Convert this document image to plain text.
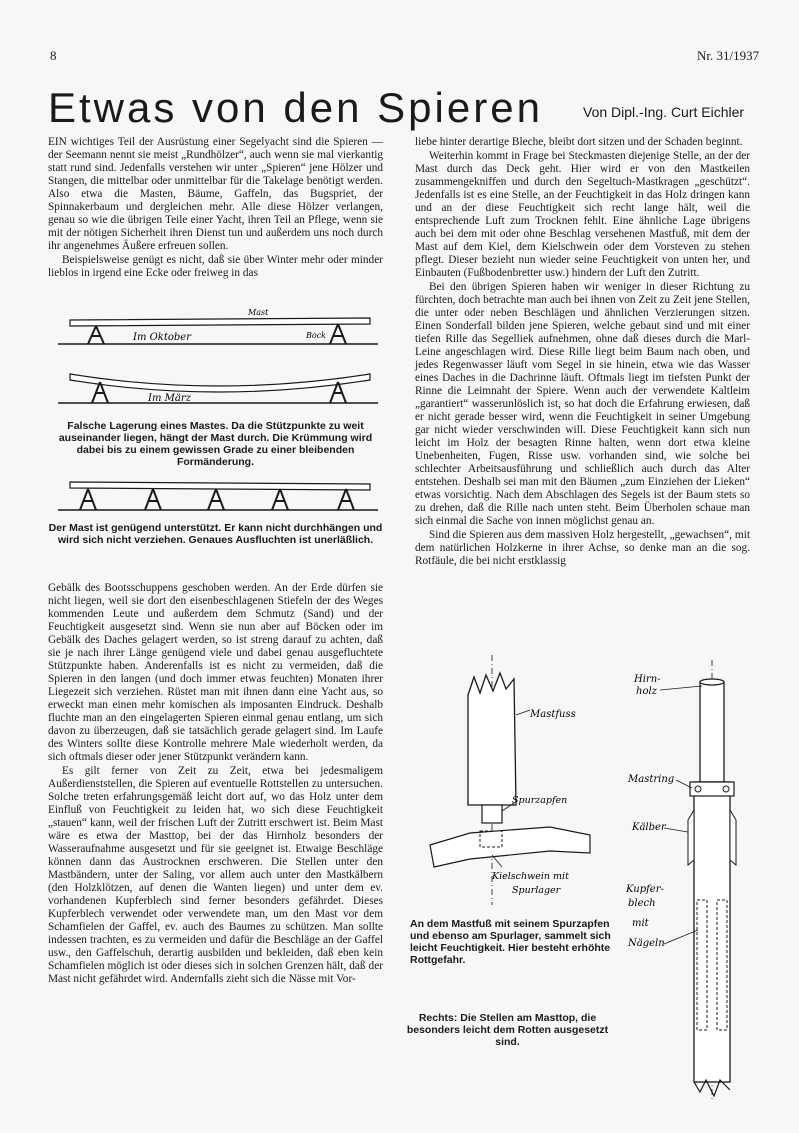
8	Nr. 31/1937
Etwas von den Spieren	Von Dipl.-Ing. Curt Eichler

EIN wichtiges Teil der Ausrüstung einer Segelyacht sind die Spieren — der Seemann nennt sie meist „Rundhölzer“, auch wenn sie mal vierkantig statt rund sind. Jedenfalls verstehen wir unter „Spieren“ jene Hölzer und Stangen, die mittelbar oder unmittelbar für die Takelage benötigt werden. Also etwa die Masten, Bäume, Gaffeln, das Bugspriet, der Spinnakerbaum und dergleichen mehr. Alle diese Hölzer verlangen, genau so wie die übrigen Teile einer Yacht, ihren Teil an Pflege, wenn sie mit der nötigen Sicherheit ihren Dienst tun und außerdem uns noch durch ihr angenehmes Äußere erfreuen sollen.

Beispielsweise genügt es nicht, daß sie über Winter mehr oder minder lieblos in irgend eine Ecke oder freiweg in das

Im Oktober
Mast
Bock
Im März
Falsche Lagerung eines Mastes. Da die Stützpunkte zu weit auseinander liegen, hängt der Mast durch. Die Krümmung wird dabei bis zu einem gewissen Grade zu einer bleibenden Formänderung.
Der Mast ist genügend unterstützt. Er kann nicht durchhängen und wird sich nicht verziehen. Genaues Ausfluchten ist unerläßlich.

Gebälk des Bootsschuppens geschoben werden. An der Erde dürfen sie nicht liegen, weil sie dort den eisenbeschlagenen Stiefeln der des Weges kommenden Leute und außerdem dem Schmutz (Sand) und der Feuchtigkeit ausgesetzt sind. Wenn sie nun aber auf Böcken oder im Gebälk des Daches gelagert werden, so ist streng darauf zu achten, daß sie je nach ihrer Länge genügend viele und dabei genau ausgefluchtete Stützpunkte haben. Anderenfalls ist es nicht zu vermeiden, daß die Spieren in den langen (und doch immer etwas feuchten) Monaten ihrer Liegezeit sich verziehen. Rüstet man mit ihnen dann eine Yacht aus, so erweckt man einen mehr komischen als imposanten Eindruck. Deshalb fluchte man an den eingelagerten Spieren einmal genau entlang, um sich davon zu überzeugen, daß sie tatsächlich gerade gelagert sind. Im Laufe des Winters sollte diese Kontrolle mehrere Male wiederholt werden, da sich oftmals dieser oder jener Stützpunkt verändern kann.

Es gilt ferner von Zeit zu Zeit, etwa bei jedesmaligem Außerdienststellen, die Spieren auf eventuelle Rottstellen zu untersuchen. Solche treten erfahrungsgemäß leicht dort auf, wo das Holz unter dem Einfluß von Feuchtigkeit zu leiden hat, wo sich diese Feuchtigkeit „stauen“ kann, weil der frischen Luft der Zutritt erschwert ist. Beim Mast wäre es etwa der Masttop, bei der das Hirnholz besonders der Wasseraufnahme ausgesetzt und für sie geeignet ist. Etwaige Beschläge können dann das Austrocknen erschweren. Die Stellen unter den Mastbändern, unter der Saling, vor allem auch unter den Mastkälbern (den Holzklötzen, auf denen die Wanten liegen) und unter dem ev. vorhandenen Kupferblech sind ferner besonders gefährdet. Dieses Kupferblech verwendet oder verwendete man, um den Mast vor dem Schamfielen der Gaffel, ev. auch des Baumes zu schützen. Man sollte indessen trachten, es zu vermeiden und dafür die Beschläge an der Gaffel usw., den Gaffelschuh, derartig ausbilden und bekleiden, daß eben kein Schamfielen möglich ist oder dieses sich in solchen Grenzen hält, daß der Mast nicht gefährdet wird. Andernfalls zieht sich die Nässe mit Vor-

liebe hinter derartige Bleche, bleibt dort sitzen und der Schaden beginnt.

Weiterhin kommt in Frage bei Steckmasten diejenige Stelle, an der der Mast durch das Deck geht. Hier wird er von den Mastkeilen zusammengekniffen und durch den Segeltuch-Mastkragen „geschützt“. Jedenfalls ist es eine Stelle, an der Feuchtigkeit in das Holz dringen kann und an der diese Feuchtigkeit sich recht lange hält, weil die entsprechende Luft zum Trocknen fehlt. Eine ähnliche Lage übrigens auch bei dem mit oder ohne Beschlag versehenen Mastfuß, mit dem der Mast auf dem Kiel, dem Kielschwein oder dem Vorsteven zu stehen pflegt. Dieser bezieht nun wieder seine Feuchtigkeit von unten her, und Einbauten (Fußbodenbretter usw.) hindern der Luft den Zutritt.

Bei den übrigen Spieren haben wir weniger in dieser Richtung zu fürchten, doch betrachte man auch bei ihnen von Zeit zu Zeit jene Stellen, die unter oder neben Beschlägen und ähnlichen Verzierungen sitzen. Einen Sonderfall bilden jene Spieren, welche gebaut sind und mit einer tiefen Rille das Segelliek aufnehmen, ohne daß dieses durch die Marl-Leine angeschlagen wird. Diese Rille liegt beim Baum nach oben, und jedes Regenwasser läuft vom Segel in sie hinein, etwa wie das Wasser eines Daches in die Dachrinne läuft. Oftmals liegt im tiefsten Punkt der Rinne die Leimnaht der Spiere. Wenn auch der verwendete Kaltleim „garantiert“ wasserunlöslich ist, so hat doch die Erfahrung erwiesen, daß er nicht gerade besser wird, wenn die Feuchtigkeit in seiner Umgebung gar nicht wieder verschwinden will. Diese Feuchtigkeit kann sich nun leicht im Holz der besagten Rinne halten, wenn dort etwa kleine Unebenheiten, Fugen, Risse usw. vorhanden sind, wie solche bei schlechter Arbeitsausführung und schließlich auch durch das Alter entstehen. Deshalb sei man mit den Bäumen „zum Einziehen der Lieken“ etwas vorsichtig. Nach dem Abschlagen des Segels ist der Baum stets so zu drehen, daß die Rille nach unten steht. Beim Überholen schaue man sich einmal die Sache von innen möglichst genau an.

Sind die Spieren aus dem massiven Holz hergestellt, „gewachsen“, mit dem natürlichen Holzkerne in ihrer Achse, so denke man an die sog. Rotfäule, die bei nicht erstklassig

Mastfuss
Spurzapfen
Kielschwein mit
Spurlager
An dem Mastfuß mit seinem Spurzapfen und ebenso am Spurlager, sammelt sich leicht Feuchtigkeit. Hier besteht erhöhte Rottgefahr.
Hirn-
holz
Mastring
Kälber
Kupfer-
blech
mit
Nägeln
Rechts: Die Stellen am Masttop, die besonders leicht dem Rotten ausgesetzt sind.
